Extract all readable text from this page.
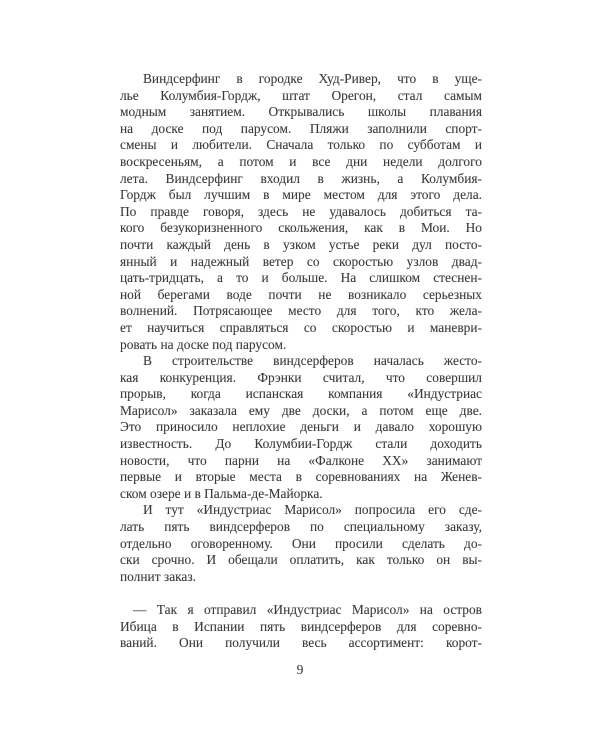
Виндсерфинг в городке Худ-Ривер, что в уще-
лье Колумбия-Гордж, штат Орегон, стал самым
модным занятием. Открывались школы плавания
на доске под парусом. Пляжи заполнили спорт-
смены и любители. Сначала только по субботам и
воскресеньям, а потом и все дни недели долгого
лета. Виндсерфинг входил в жизнь, а Колумбия-
Гордж был лучшим в мире местом для этого дела.
По правде говоря, здесь не удавалось добиться та-
кого безукоризненного скольжения, как в Мои. Но
почти каждый день в узком устье реки дул посто-
янный и надежный ветер со скоростью узлов двад-
цать-тридцать, а то и больше. На слишком стеснен-
ной берегами воде почти не возникало серьезных
волнений. Потрясающее место для того, кто жела-
ет научиться справляться со скоростью и маневри-
ровать на доске под парусом.

В строительстве виндсерферов началась жесто-
кая конкуренция. Фрэнки считал, что совершил
прорыв, когда испанская компания «Индустриас
Марисол» заказала ему две доски, а потом еще две.
Это приносило неплохие деньги и давало хорошую
известность. До Колумбии-Гордж стали доходить
новости, что парни на «Фалконе XX» занимают
первые и вторые места в соревнованиях на Женев-
ском озере и в Пальма-де-Майорка.

И тут «Индустриас Марисол» попросила его сде-
лать пять виндсерферов по специальному заказу,
отдельно оговоренному. Они просили сделать до-
ски срочно. И обещали оплатить, как только он вы-
полнит заказ.

— Так я отправил «Индустриас Марисол» на остров
Ибица в Испании пять виндсерферов для соревно-
ваний. Они получили весь ассортимент: корот-

9
